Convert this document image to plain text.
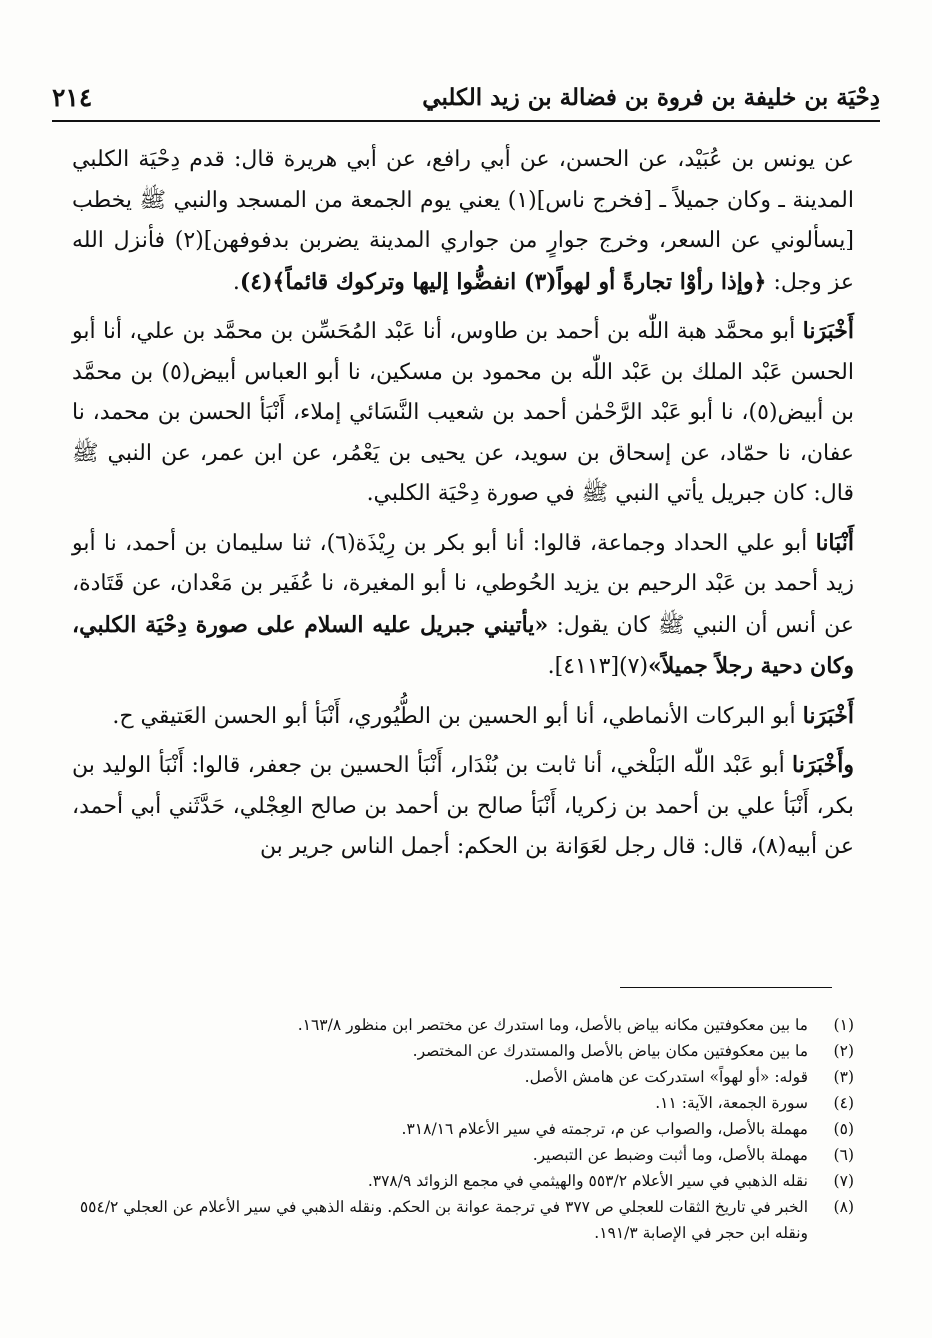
٢١٤	دِحْيَة بن خليفة بن فروة بن فضالة بن زيد الكلبي

عن يونس بن عُبَيْد، عن الحسن، عن أبي رافع، عن أبي هريرة قال: قدم دِحْيَة الكلبي المدينة ـ وكان جميلاً ـ [فخرج ناس](١) يعني يوم الجمعة من المسجد والنبي ﷺ يخطب [يسألوني عن السعر، وخرج جوارٍ من جواري المدينة يضربن بدفوفهن](٢) فأنزل الله عز وجل: ﴿وإذا رأوْا تجارةً أو لهواً(٣) انفضُّوا إليها وتركوك قائماً﴾(٤).

أَخْبَرَنا أبو محمَّد هبة اللّٰه بن أحمد بن طاوس، أنا عَبْد المُحَسِّن بن محمَّد بن علي، أنا أبو الحسن عَبْد الملك بن عَبْد اللّٰه بن محمود بن مسكين، نا أبو العباس أبيض(٥) بن محمَّد بن أبيض(٥)، نا أبو عَبْد الرَّحْمٰن أحمد بن شعيب النَّسَائي إملاء، أَنْبَأ الحسن بن محمد، نا عفان، نا حمّاد، عن إسحاق بن سويد، عن يحيى بن يَعْمُر، عن ابن عمر، عن النبي ﷺ قال: كان جبريل يأتي النبي ﷺ في صورة دِحْيَة الكلبي.

أَنْبَانا أبو علي الحداد وجماعة، قالوا: أنا أبو بكر بن رِيْذَة(٦)، ثنا سليمان بن أحمد، نا أبو زيد أحمد بن عَبْد الرحيم بن يزيد الحُوطي، نا أبو المغيرة، نا عُفَير بن مَعْدان، عن قَتَادة، عن أنس أن النبي ﷺ كان يقول: «يأتيني جبريل عليه السلام على صورة دِحْيَة الكلبي، وكان دحية رجلاً جميلاً»(٧)[٤١١٣].

أَخْبَرَنا أبو البركات الأنماطي، أنا أبو الحسين بن الطُّيُوري، أَنْبَأ أبو الحسن العَتيقي ح.

وأَخْبَرَنا أبو عَبْد اللّٰه البَلْخي، أنا ثابت بن بُنْدَار، أَنْبَأ الحسين بن جعفر، قالوا: أَنْبَأ الوليد بن بكر، أَنْبَأ علي بن أحمد بن زكريا، أَنْبَأ صالح بن أحمد بن صالح العِجْلي، حَدَّثَني أبي أحمد، عن أبيه(٨)، قال: قال رجل لعَوَانة بن الحكم: أجمل الناس جرير بن

(١)
ما بين معكوفتين مكانه بياض بالأصل، وما استدرك عن مختصر ابن منظور ١٦٣/٨.
(٢)
ما بين معكوفتين مكان بياض بالأصل والمستدرك عن المختصر.
(٣)
قوله: «أو لهواً» استدركت عن هامش الأصل.
(٤)
سورة الجمعة، الآية: ١١.
(٥)
مهملة بالأصل، والصواب عن م، ترجمته في سير الأعلام ٣١٨/١٦.
(٦)
مهملة بالأصل، وما أثبت وضبط عن التبصير.
(٧)
نقله الذهبي في سير الأعلام ٥٥٣/٢ والهيثمي في مجمع الزوائد ٣٧٨/٩.
(٨)
الخبر في تاريخ الثقات للعجلي ص ٣٧٧ في ترجمة عوانة بن الحكم. ونقله الذهبي في سير الأعلام عن العجلي ٥٥٤/٢ ونقله ابن حجر في الإصابة ١٩١/٣.
